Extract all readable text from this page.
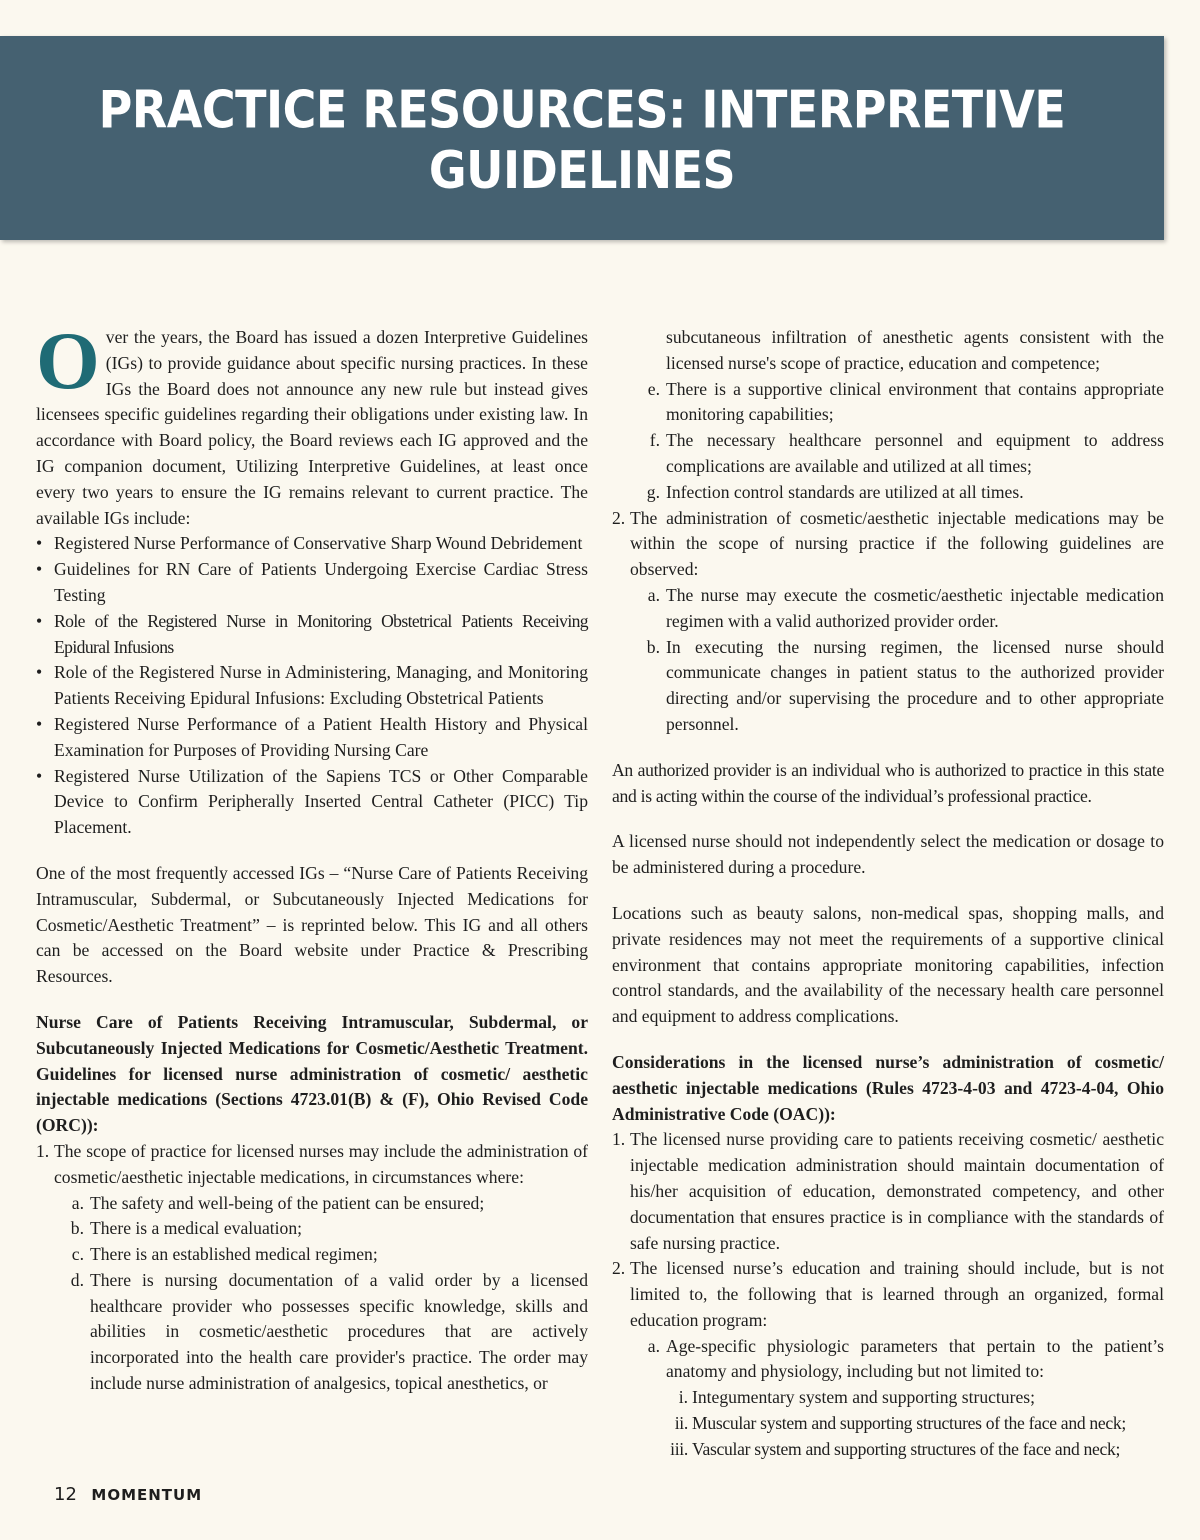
PRACTICE RESOURCES: INTERPRETIVE GUIDELINES

Over the years, the Board has issued a dozen Interpretive Guidelines (IGs) to provide guidance about specific nursing practices. In these IGs the Board does not announce any new rule but instead gives licensees specific guidelines regarding their obligations under existing law. In accordance with Board policy, the Board reviews each IG approved and the IG companion document, Utilizing Interpretive Guidelines, at least once every two years to ensure the IG remains relevant to current practice. The available IGs include:

• Registered Nurse Performance of Conservative Sharp Wound Debridement
• Guidelines for RN Care of Patients Undergoing Exercise Cardiac Stress Testing
• Role of the Registered Nurse in Monitoring Obstetrical Patients Receiving Epidural Infusions
• Role of the Registered Nurse in Administering, Managing, and Monitoring Patients Receiving Epidural Infusions: Excluding Obstetrical Patients
• Registered Nurse Performance of a Patient Health History and Physical Examination for Purposes of Providing Nursing Care
• Registered Nurse Utilization of the Sapiens TCS or Other Comparable Device to Confirm Peripherally Inserted Central Catheter (PICC) Tip Placement.

One of the most frequently accessed IGs – “Nurse Care of Patients Receiving Intramuscular, Subdermal, or Subcutaneously Injected Medications for Cosmetic/Aesthetic Treatment” – is reprinted below. This IG and all others can be accessed on the Board website under Practice & Prescribing Resources.

Nurse Care of Patients Receiving Intramuscular, Subdermal, or Subcutaneously Injected Medications for Cosmetic/Aesthetic Treatment. Guidelines for licensed nurse administration of cosmetic/ aesthetic injectable medications (Sections 4723.01(B) & (F), Ohio Revised Code (ORC)):

1. The scope of practice for licensed nurses may include the administration of cosmetic/aesthetic injectable medications, in circumstances where:
a. The safety and well-being of the patient can be ensured;
b. There is a medical evaluation;
c. There is an established medical regimen;
d. There is nursing documentation of a valid order by a licensed healthcare provider who possesses specific knowledge, skills and abilities in cosmetic/aesthetic procedures that are actively incorporated into the health care provider's practice. The order may include nurse administration of analgesics, topical anesthetics, or

subcutaneous infiltration of anesthetic agents consistent with the licensed nurse's scope of practice, education and competence;

e. There is a supportive clinical environment that contains appropriate monitoring capabilities;
f. The necessary healthcare personnel and equipment to address complications are available and utilized at all times;
g. Infection control standards are utilized at all times.
2. The administration of cosmetic/aesthetic injectable medications may be within the scope of nursing practice if the following guidelines are observed:
a. The nurse may execute the cosmetic/aesthetic injectable medication regimen with a valid authorized provider order.
b. In executing the nursing regimen, the licensed nurse should communicate changes in patient status to the authorized provider directing and/or supervising the procedure and to other appropriate personnel.

An authorized provider is an individual who is authorized to practice in this state and is acting within the course of the individual’s professional practice.

A licensed nurse should not independently select the medication or dosage to be administered during a procedure.

Locations such as beauty salons, non-medical spas, shopping malls, and private residences may not meet the requirements of a supportive clinical environment that contains appropriate monitoring capabilities, infection control standards, and the availability of the necessary health care personnel and equipment to address complications.

Considerations in the licensed nurse’s administration of cosmetic/ aesthetic injectable medications (Rules 4723-4-03 and 4723-4-04, Ohio Administrative Code (OAC)):

1. The licensed nurse providing care to patients receiving cosmetic/ aesthetic injectable medication administration should maintain documentation of his/her acquisition of education, demonstrated competency, and other documentation that ensures practice is in compliance with the standards of safe nursing practice.
2. The licensed nurse’s education and training should include, but is not limited to, the following that is learned through an organized, formal education program:
a. Age-specific physiologic parameters that pertain to the patient’s anatomy and physiology, including but not limited to:
i. Integumentary system and supporting structures;
ii. Muscular system and supporting structures of the face and neck;
iii. Vascular system and supporting structures of the face and neck;
12 MOMENTUM
